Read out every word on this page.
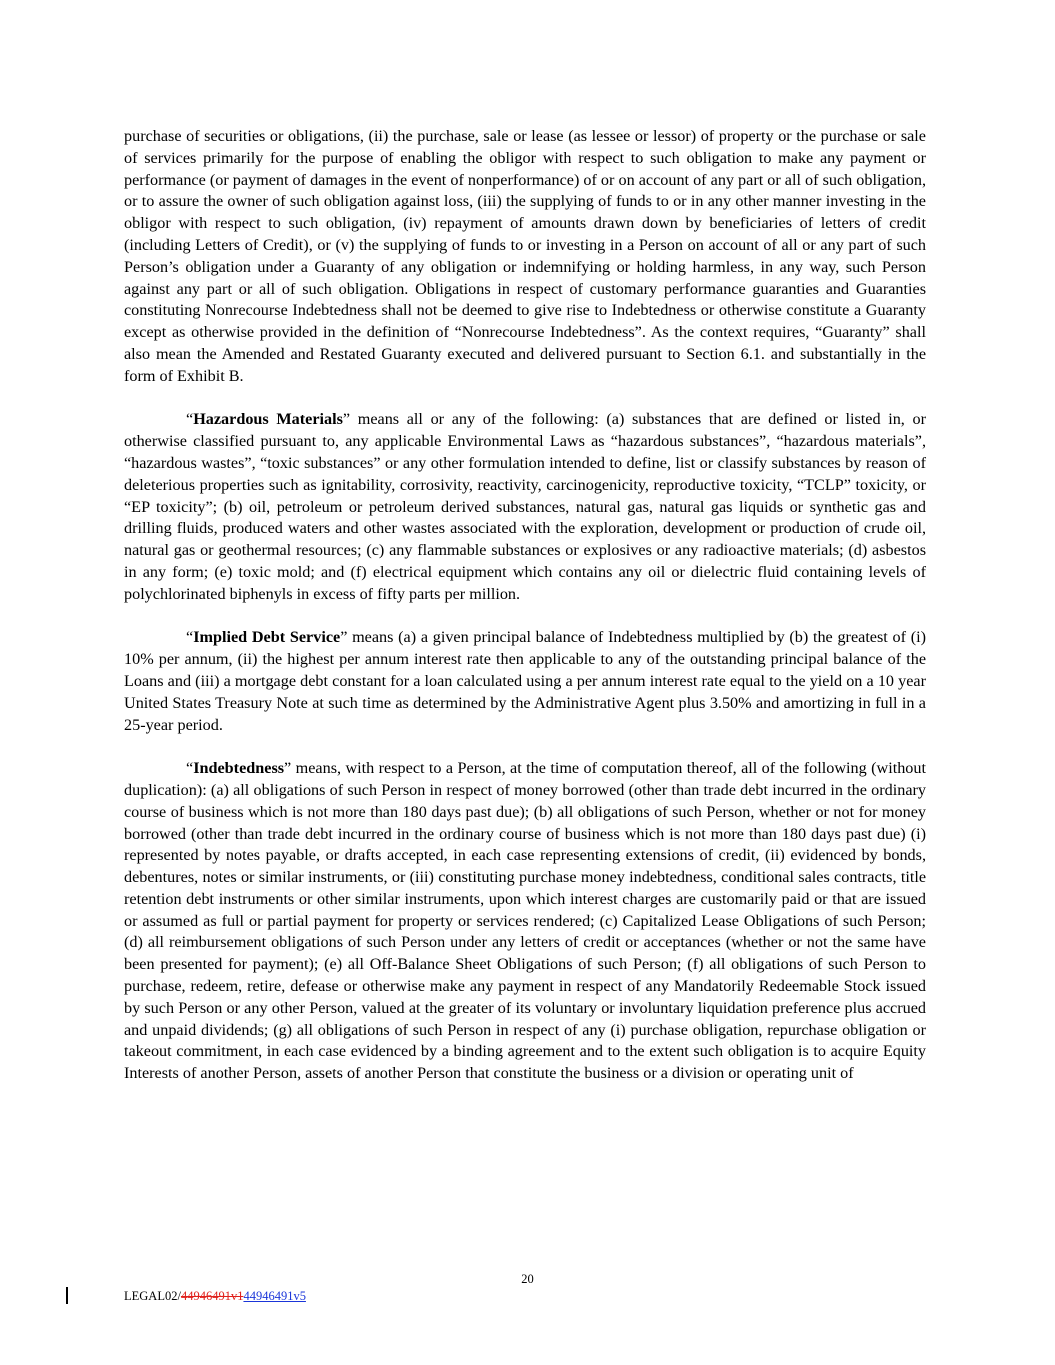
purchase of securities or obligations, (ii) the purchase, sale or lease (as lessee or lessor) of property or the purchase or sale of services primarily for the purpose of enabling the obligor with respect to such obligation to make any payment or performance (or payment of damages in the event of nonperformance) of or on account of any part or all of such obligation, or to assure the owner of such obligation against loss, (iii) the supplying of funds to or in any other manner investing in the obligor with respect to such obligation, (iv) repayment of amounts drawn down by beneficiaries of letters of credit (including Letters of Credit), or (v) the supplying of funds to or investing in a Person on account of all or any part of such Person’s obligation under a Guaranty of any obligation or indemnifying or holding harmless, in any way, such Person against any part or all of such obligation. Obligations in respect of customary performance guaranties and Guaranties constituting Nonrecourse Indebtedness shall not be deemed to give rise to Indebtedness or otherwise constitute a Guaranty except as otherwise provided in the definition of “Nonrecourse Indebtedness”. As the context requires, “Guaranty” shall also mean the Amended and Restated Guaranty executed and delivered pursuant to Section 6.1. and substantially in the form of Exhibit B.

“Hazardous Materials” means all or any of the following: (a) substances that are defined or listed in, or otherwise classified pursuant to, any applicable Environmental Laws as “hazardous substances”, “hazardous materials”, “hazardous wastes”, “toxic substances” or any other formulation intended to define, list or classify substances by reason of deleterious properties such as ignitability, corrosivity, reactivity, carcinogenicity, reproductive toxicity, “TCLP” toxicity, or “EP toxicity”; (b) oil, petroleum or petroleum derived substances, natural gas, natural gas liquids or synthetic gas and drilling fluids, produced waters and other wastes associated with the exploration, development or production of crude oil, natural gas or geothermal resources; (c) any flammable substances or explosives or any radioactive materials; (d) asbestos in any form; (e) toxic mold; and (f) electrical equipment which contains any oil or dielectric fluid containing levels of polychlorinated biphenyls in excess of fifty parts per million.

“Implied Debt Service” means (a) a given principal balance of Indebtedness multiplied by (b) the greatest of (i) 10% per annum, (ii) the highest per annum interest rate then applicable to any of the outstanding principal balance of the Loans and (iii) a mortgage debt constant for a loan calculated using a per annum interest rate equal to the yield on a 10 year United States Treasury Note at such time as determined by the Administrative Agent plus 3.50% and amortizing in full in a 25-year period.

“Indebtedness” means, with respect to a Person, at the time of computation thereof, all of the following (without duplication): (a) all obligations of such Person in respect of money borrowed (other than trade debt incurred in the ordinary course of business which is not more than 180 days past due); (b) all obligations of such Person, whether or not for money borrowed (other than trade debt incurred in the ordinary course of business which is not more than 180 days past due) (i) represented by notes payable, or drafts accepted, in each case representing extensions of credit, (ii) evidenced by bonds, debentures, notes or similar instruments, or (iii) constituting purchase money indebtedness, conditional sales contracts, title retention debt instruments or other similar instruments, upon which interest charges are customarily paid or that are issued or assumed as full or partial payment for property or services rendered; (c) Capitalized Lease Obligations of such Person; (d) all reimbursement obligations of such Person under any letters of credit or acceptances (whether or not the same have been presented for payment); (e) all Off-Balance Sheet Obligations of such Person; (f) all obligations of such Person to purchase, redeem, retire, defease or otherwise make any payment in respect of any Mandatorily Redeemable Stock issued by such Person or any other Person, valued at the greater of its voluntary or involuntary liquidation preference plus accrued and unpaid dividends; (g) all obligations of such Person in respect of any (i) purchase obligation, repurchase obligation or takeout commitment, in each case evidenced by a binding agreement and to the extent such obligation is to acquire Equity Interests of another Person, assets of another Person that constitute the business or a division or operating unit of

20
LEGAL02/44946491v144946491v5
